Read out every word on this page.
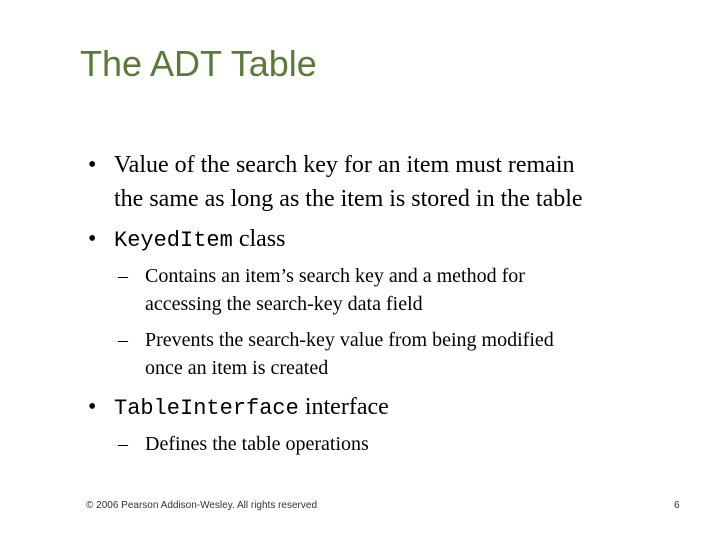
The ADT Table
• Value of the search key for an item must remain
the same as long as the item is stored in the table
• KeyedItem class
– Contains an item’s search key and a method for
accessing the search-key data field
– Prevents the search-key value from being modified
once an item is created
• TableInterface interface
– Defines the table operations
© 2006 Pearson Addison-Wesley. All rights reserved	6
